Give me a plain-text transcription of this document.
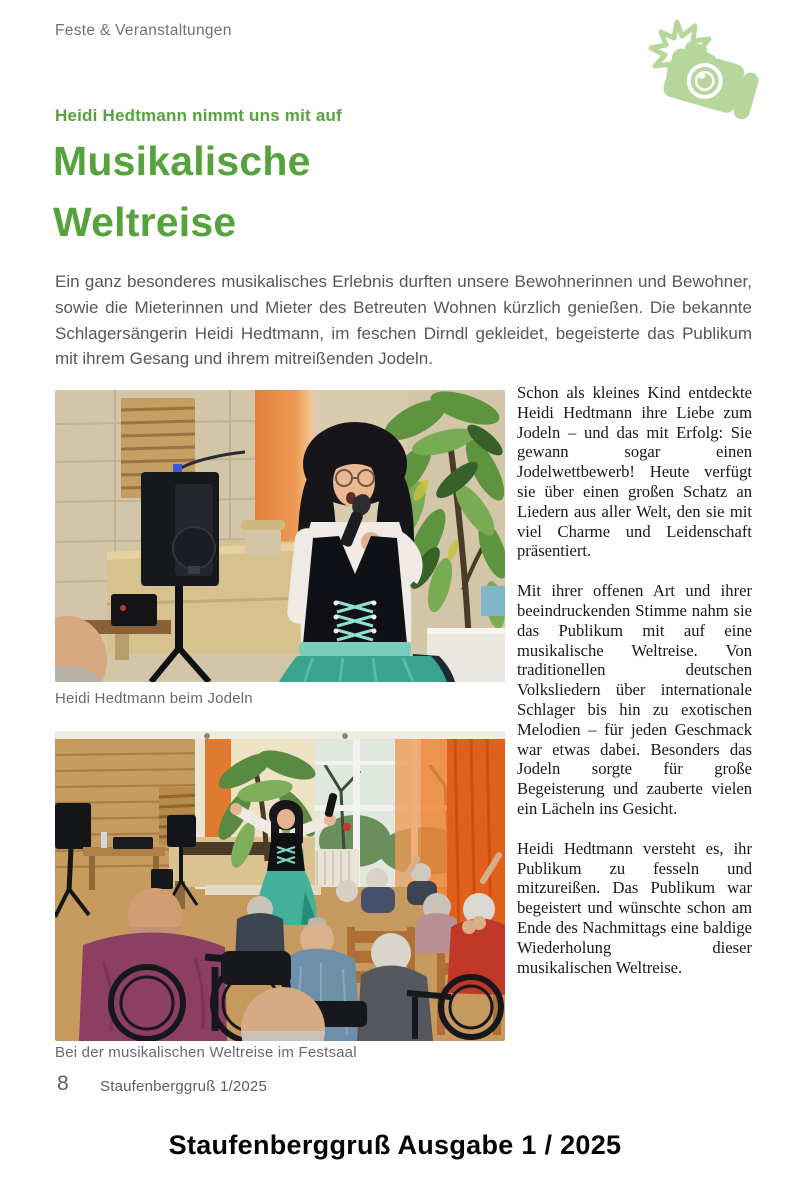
Feste & Veranstaltungen
Heidi Hedtmann nimmt uns mit auf
Musikalische
Weltreise
Ein ganz besonderes musikalisches Erlebnis durften unsere Bewohnerinnen und Bewohner, sowie die Mieterinnen und Mieter des Betreuten Wohnen kürzlich genießen. Die bekannte Schlagersängerin Heidi Hedtmann, im feschen Dirndl gekleidet, begeisterte das Publikum mit ihrem Gesang und ihrem mitreißenden Jodeln.
Heidi Hedtmann beim Jodeln

Schon als kleines Kind entdeckte Heidi Hedtmann ihre Liebe zum Jodeln – und das mit Erfolg: Sie gewann sogar einen Jodelwettbewerb! Heute verfügt sie über einen großen Schatz an Liedern aus aller Welt, den sie mit viel Charme und Leidenschaft präsentiert.

Mit ihrer offenen Art und ihrer beeindruckenden Stimme nahm sie das Publikum mit auf eine musikalische Weltreise. Von traditionellen deutschen Volksliedern über internationale Schlager bis hin zu exotischen Melodien – für jeden Geschmack war etwas dabei. Besonders das Jodeln sorgte für große Begeisterung und zauberte vielen ein Lächeln ins Gesicht.

Heidi Hedtmann versteht es, ihr Publikum zu fesseln und mitzureißen. Das Publikum war begeistert und wünschte schon am Ende des Nachmittags eine baldige Wiederholung dieser musikalischen Weltreise.

Bei der musikalischen Weltreise im Festsaal
8 Staufenberggruß 1/2025
Staufenberggruß Ausgabe 1 / 2025
